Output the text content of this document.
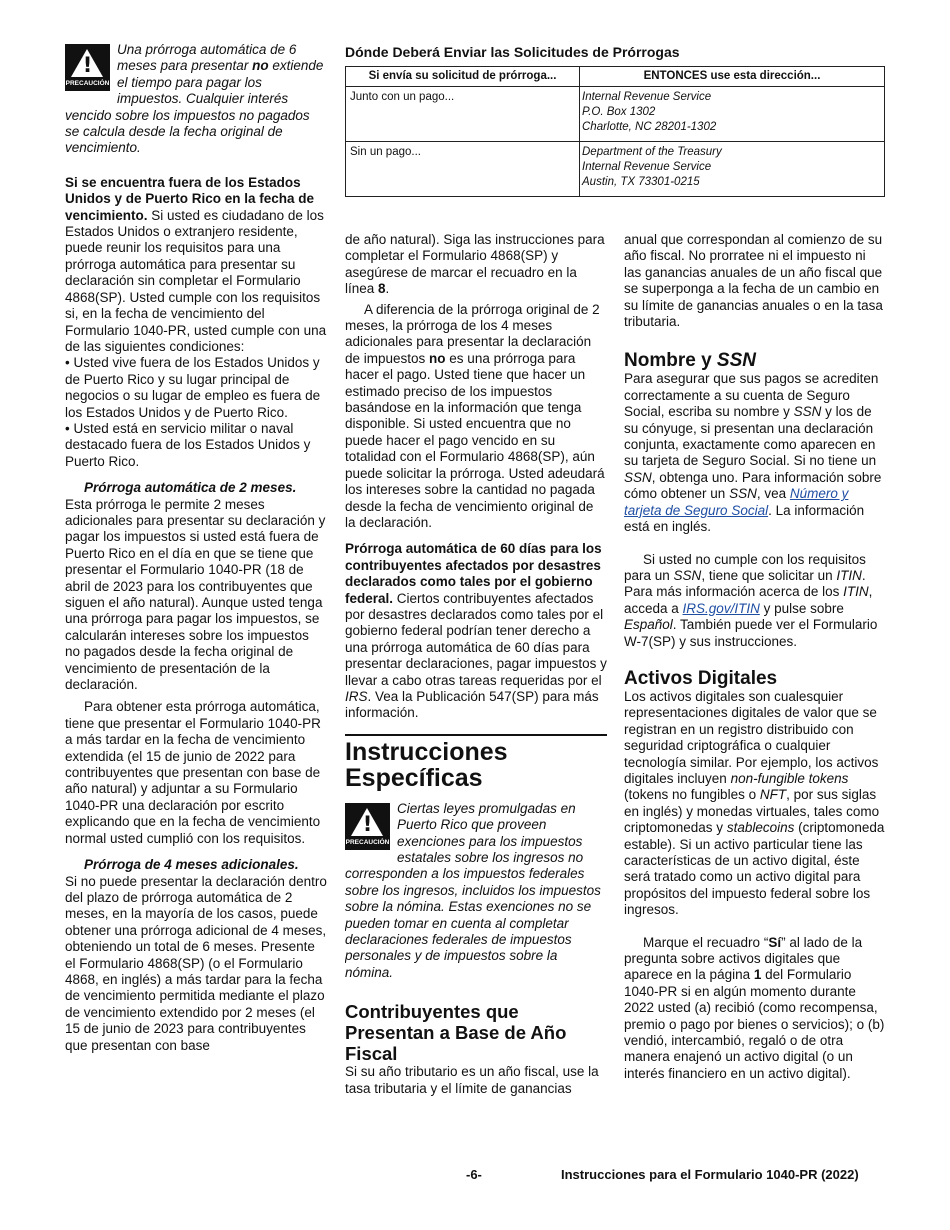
!
PRECAUCIÓN

Una prórroga automática de 6 meses para presentar no extiende el tiempo para pagar los impuestos. Cualquier interés vencido sobre los impuestos no pagados se calcula desde la fecha original de vencimiento.

Si se encuentra fuera de los Estados Unidos y de Puerto Rico en la fecha de vencimiento. Si usted es ciudadano de los Estados Unidos o extranjero residente, puede reunir los requisitos para una prórroga automática para presentar su declaración sin completar el Formulario 4868(SP). Usted cumple con los requisitos si, en la fecha de vencimiento del Formulario 1040-PR, usted cumple con una de las siguientes condiciones:

• Usted vive fuera de los Estados Unidos y de Puerto Rico y su lugar principal de negocios o su lugar de empleo es fuera de los Estados Unidos y de Puerto Rico.

• Usted está en servicio militar o naval destacado fuera de los Estados Unidos y Puerto Rico.

Prórroga automática de 2 meses.
Esta prórroga le permite 2 meses adicionales para presentar su declaración y pagar los impuestos si usted está fuera de Puerto Rico en el día en que se tiene que presentar el Formulario 1040-PR (18 de abril de 2023 para los contribuyentes que siguen el año natural). Aunque usted tenga una prórroga para pagar los impuestos, se calcularán intereses sobre los impuestos no pagados desde la fecha original de vencimiento de presentación de la declaración.

Para obtener esta prórroga automática, tiene que presentar el Formulario 1040-PR a más tardar en la fecha de vencimiento extendida (el 15 de junio de 2022 para contribuyentes que presentan con base de año natural) y adjuntar a su Formulario 1040-PR una declaración por escrito explicando que en la fecha de vencimiento normal usted cumplió con los requisitos.

Prórroga de 4 meses adicionales.
Si no puede presentar la declaración dentro del plazo de prórroga automática de 2 meses, en la mayoría de los casos, puede obtener una prórroga adicional de 4 meses, obteniendo un total de 6 meses. Presente el Formulario 4868(SP) (o el Formulario 4868, en inglés) a más tardar para la fecha de vencimiento permitida mediante el plazo de vencimiento extendido por 2 meses (el 15 de junio de 2023 para contribuyentes que presentan con base

Dónde Deberá Enviar las Solicitudes de Prórrogas
Si envía su solicitud de prórroga...	ENTONCES use esta dirección...
Junto con un pago...	Internal Revenue Service
P.O. Box 1302
Charlotte, NC 28201-1302

Sin un pago...	Department of the Treasury
Internal Revenue Service
Austin, TX 73301-0215

de año natural). Siga las instrucciones para completar el Formulario 4868(SP) y asegúrese de marcar el recuadro en la línea 8.

A diferencia de la prórroga original de 2 meses, la prórroga de los 4 meses adicionales para presentar la declaración de impuestos no es una prórroga para hacer el pago. Usted tiene que hacer un estimado preciso de los impuestos basándose en la información que tenga disponible. Si usted encuentra que no puede hacer el pago vencido en su totalidad con el Formulario 4868(SP), aún puede solicitar la prórroga. Usted adeudará los intereses sobre la cantidad no pagada desde la fecha de vencimiento original de la declaración.

Prórroga automática de 60 días para los contribuyentes afectados por desastres declarados como tales por el gobierno federal. Ciertos contribuyentes afectados por desastres declarados como tales por el gobierno federal podrían tener derecho a una prórroga automática de 60 días para presentar declaraciones, pagar impuestos y llevar a cabo otras tareas requeridas por el IRS. Vea la Publicación 547(SP) para más información.

Instrucciones Específicas
!
PRECAUCIÓN

Ciertas leyes promulgadas en Puerto Rico que proveen exenciones para los impuestos estatales sobre los ingresos no corresponden a los impuestos federales sobre los ingresos, incluidos los impuestos sobre la nómina. Estas exenciones no se pueden tomar en cuenta al completar declaraciones federales de impuestos personales y de impuestos sobre la nómina.

Contribuyentes que Presentan a Base de Año Fiscal

Si su año tributario es un año fiscal, use la tasa tributaria y el límite de ganancias

anual que correspondan al comienzo de su año fiscal. No prorratee ni el impuesto ni las ganancias anuales de un año fiscal que se superponga a la fecha de un cambio en su límite de ganancias anuales o en la tasa tributaria.

Nombre y SSN

Para asegurar que sus pagos se acrediten correctamente a su cuenta de Seguro Social, escriba su nombre y SSN y los de su cónyuge, si presentan una declaración conjunta, exactamente como aparecen en su tarjeta de Seguro Social. Si no tiene un SSN, obtenga uno. Para información sobre cómo obtener un SSN, vea Número y tarjeta de Seguro Social. La información está en inglés.

Si usted no cumple con los requisitos para un SSN, tiene que solicitar un ITIN. Para más información acerca de los ITIN, acceda a IRS.gov/ITIN y pulse sobre Español. También puede ver el Formulario W-7(SP) y sus instrucciones.

Activos Digitales

Los activos digitales son cualesquier representaciones digitales de valor que se registran en un registro distribuido con seguridad criptográfica o cualquier tecnología similar. Por ejemplo, los activos digitales incluyen non-fungible tokens (tokens no fungibles o NFT, por sus siglas en inglés) y monedas virtuales, tales como criptomonedas y stablecoins (criptomoneda estable). Si un activo particular tiene las características de un activo digital, éste será tratado como un activo digital para propósitos del impuesto federal sobre los ingresos.

Marque el recuadro “Sí” al lado de la pregunta sobre activos digitales que aparece en la página 1 del Formulario 1040-PR si en algún momento durante 2022 usted (a) recibió (como recompensa, premio o pago por bienes o servicios); o (b) vendió, intercambió, regaló o de otra manera enajenó un activo digital (o un interés financiero en un activo digital).

-6-	Instrucciones para el Formulario 1040-PR (2022)
